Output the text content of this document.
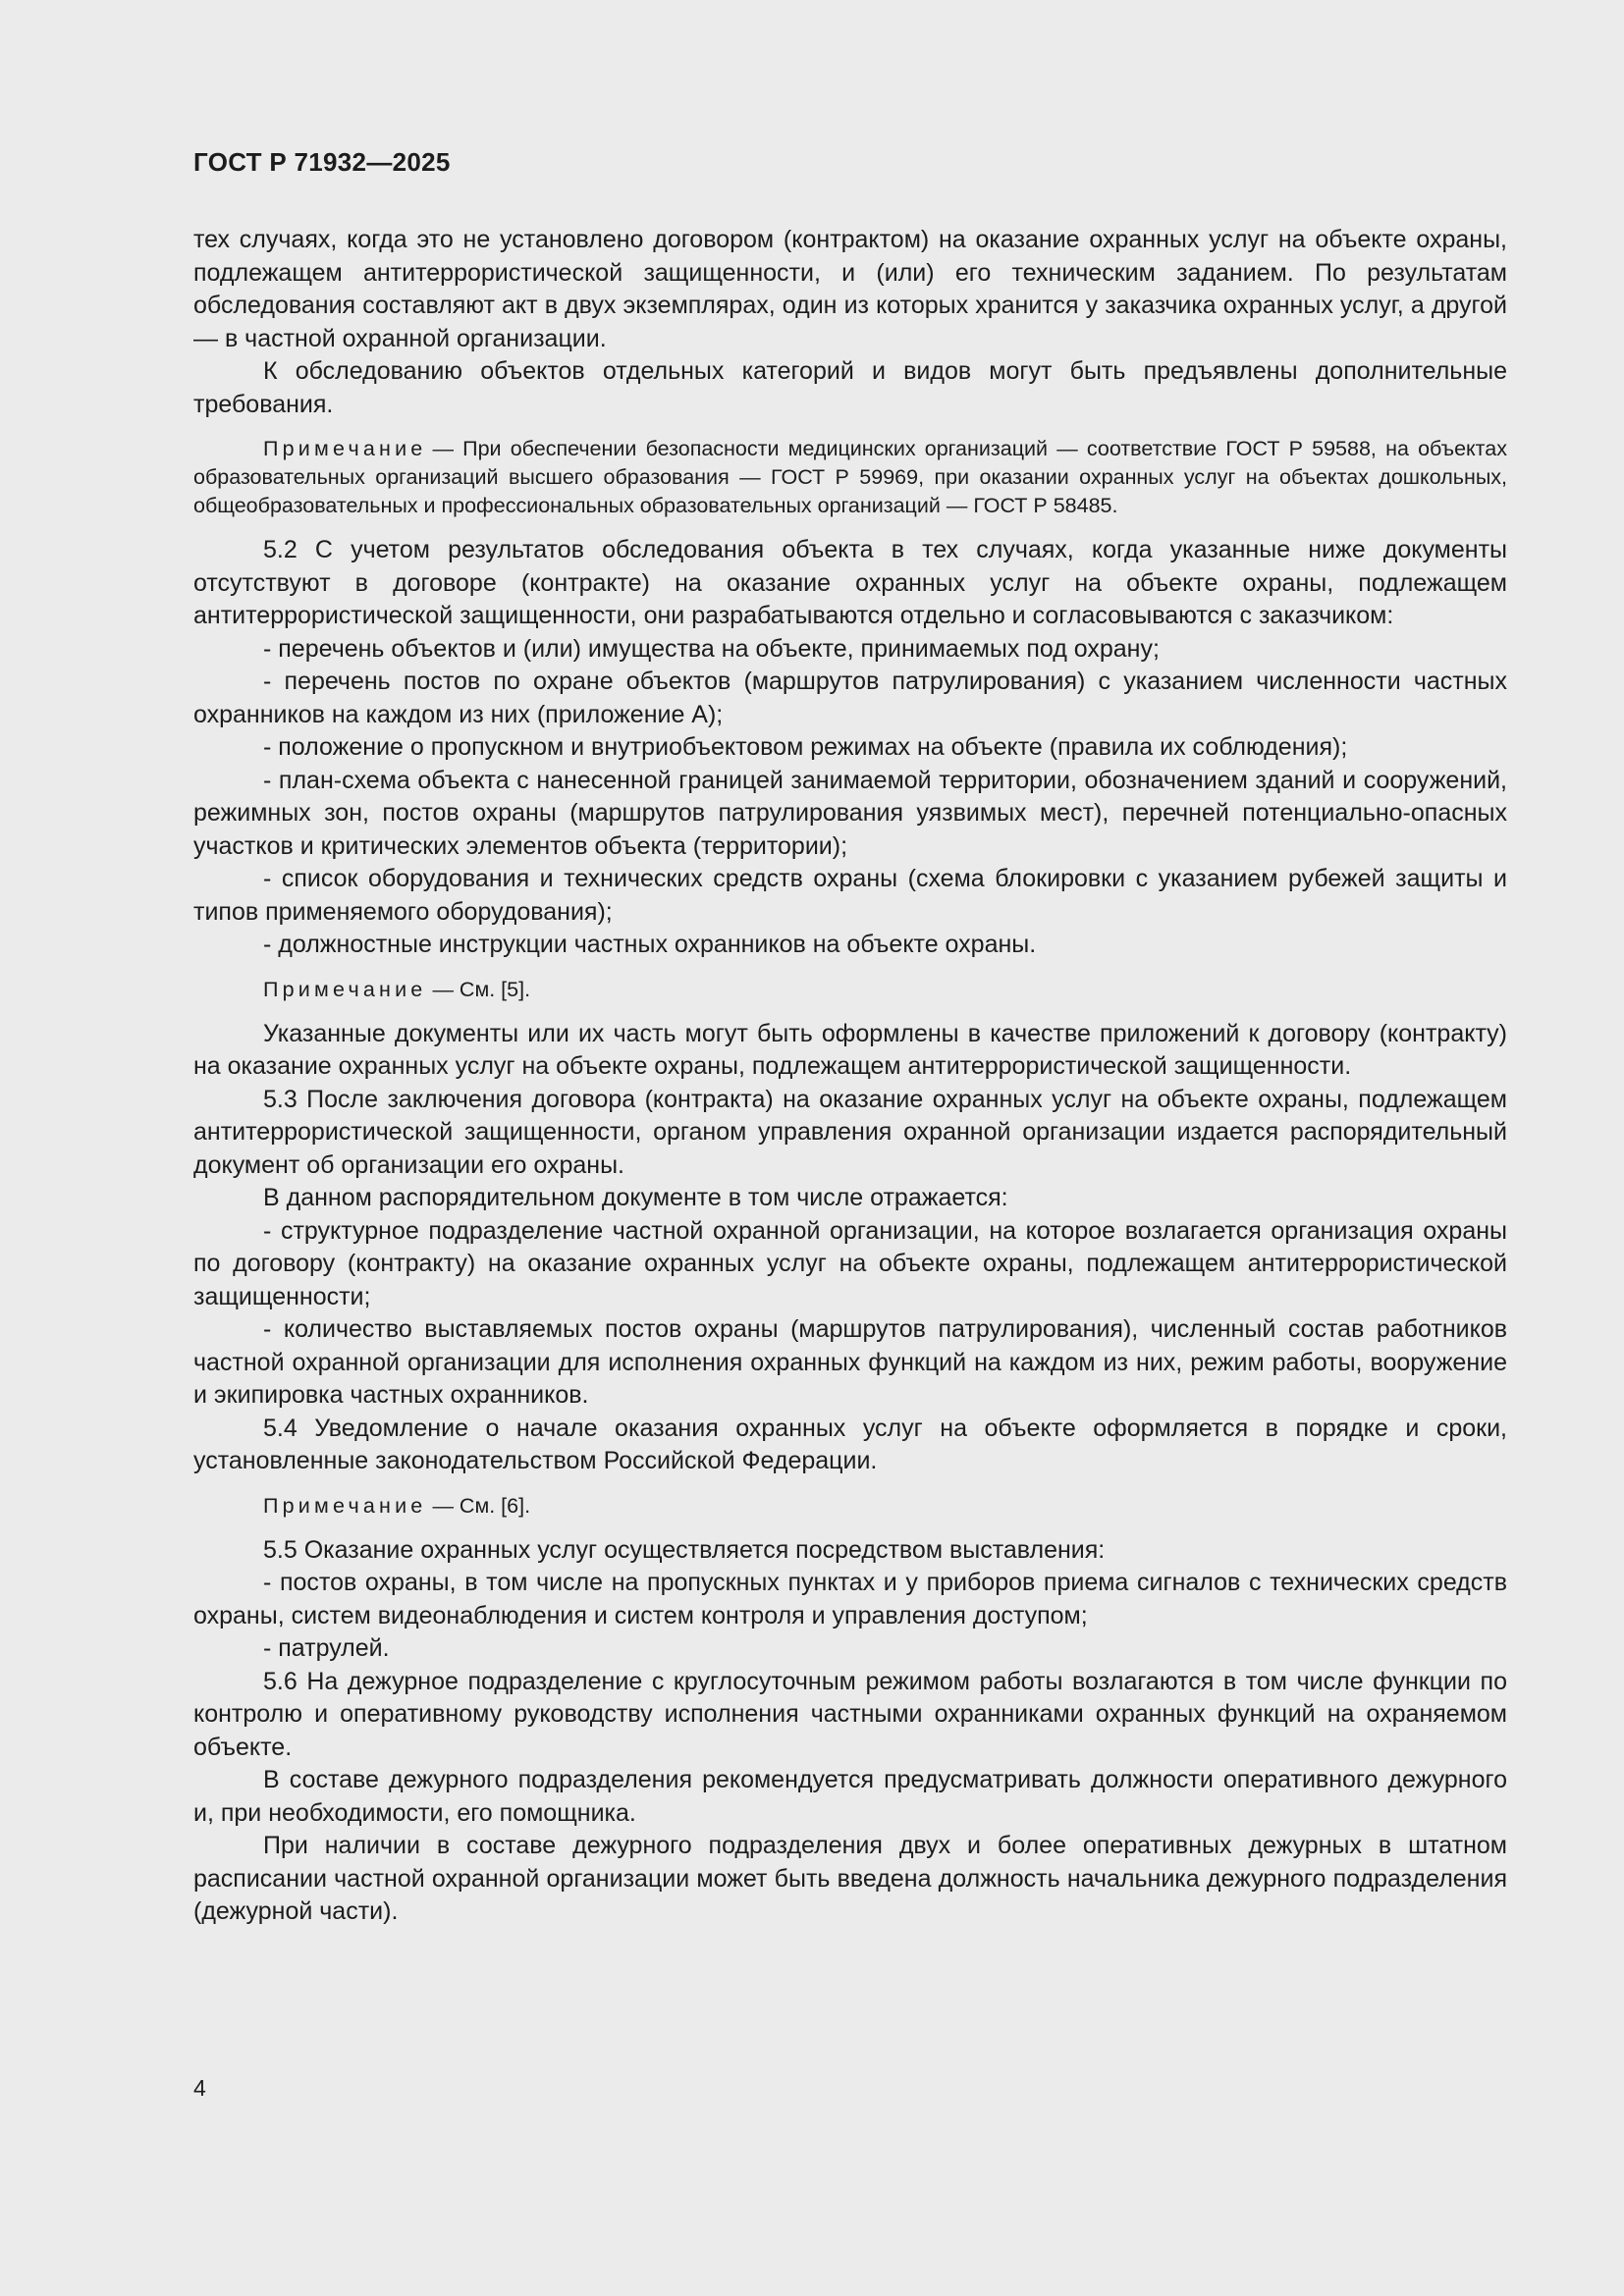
ГОСТ Р 71932—2025

тех случаях, когда это не установлено договором (контрактом) на оказание охранных услуг на объекте охраны, подлежащем антитеррористической защищенности, и (или) его техническим заданием. По результатам обследования составляют акт в двух экземплярах, один из которых хранится у заказчика охранных услуг, а другой — в частной охранной организации.

К обследованию объектов отдельных категорий и видов могут быть предъявлены дополнительные требования.

Примечание — При обеспечении безопасности медицинских организаций — соответствие ГОСТ Р 59588, на объектах образовательных организаций высшего образования — ГОСТ Р 59969, при оказании охранных услуг на объектах дошкольных, общеобразовательных и профессиональных образовательных организаций — ГОСТ Р 58485.

5.2 С учетом результатов обследования объекта в тех случаях, когда указанные ниже документы отсутствуют в договоре (контракте) на оказание охранных услуг на объекте охраны, подлежащем антитеррористической защищенности, они разрабатываются отдельно и согласовываются с заказчиком:

- перечень объектов и (или) имущества на объекте, принимаемых под охрану;

- перечень постов по охране объектов (маршрутов патрулирования) с указанием численности частных охранников на каждом из них (приложение А);

- положение о пропускном и внутриобъектовом режимах на объекте (правила их соблюдения);

- план-схема объекта с нанесенной границей занимаемой территории, обозначением зданий и сооружений, режимных зон, постов охраны (маршрутов патрулирования уязвимых мест), перечней потенциально-опасных участков и критических элементов объекта (территории);

- список оборудования и технических средств охраны (схема блокировки с указанием рубежей защиты и типов применяемого оборудования);

- должностные инструкции частных охранников на объекте охраны.

Примечание — См. [5].

Указанные документы или их часть могут быть оформлены в качестве приложений к договору (контракту) на оказание охранных услуг на объекте охраны, подлежащем антитеррористической защищенности.

5.3 После заключения договора (контракта) на оказание охранных услуг на объекте охраны, подлежащем антитеррористической защищенности, органом управления охранной организации издается распорядительный документ об организации его охраны.

В данном распорядительном документе в том числе отражается:

- структурное подразделение частной охранной организации, на которое возлагается организация охраны по договору (контракту) на оказание охранных услуг на объекте охраны, подлежащем антитеррористической защищенности;

- количество выставляемых постов охраны (маршрутов патрулирования), численный состав работников частной охранной организации для исполнения охранных функций на каждом из них, режим работы, вооружение и экипировка частных охранников.

5.4 Уведомление о начале оказания охранных услуг на объекте оформляется в порядке и сроки, установленные законодательством Российской Федерации.

Примечание — См. [6].

5.5 Оказание охранных услуг осуществляется посредством выставления:

- постов охраны, в том числе на пропускных пунктах и у приборов приема сигналов с технических средств охраны, систем видеонаблюдения и систем контроля и управления доступом;

- патрулей.

5.6 На дежурное подразделение с круглосуточным режимом работы возлагаются в том числе функции по контролю и оперативному руководству исполнения частными охранниками охранных функций на охраняемом объекте.

В составе дежурного подразделения рекомендуется предусматривать должности оперативного дежурного и, при необходимости, его помощника.

При наличии в составе дежурного подразделения двух и более оперативных дежурных в штатном расписании частной охранной организации может быть введена должность начальника дежурного подразделения (дежурной части).

4
